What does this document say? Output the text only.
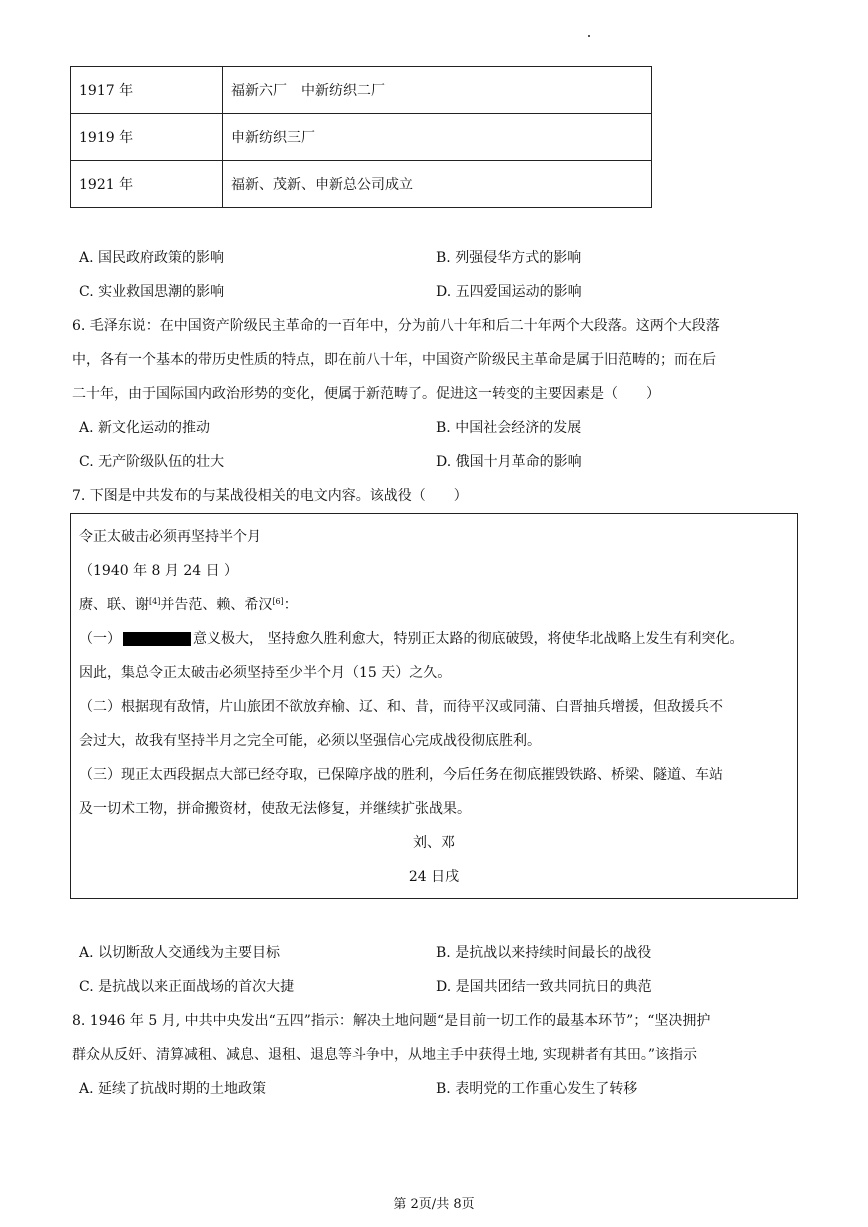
1917 年	福新六厂　中新纺织二厂
1919 年	申新纺织三厂
1921 年	福新、茂新、申新总公司成立
A. 国民政府政策的影响	B. 列强侵华方式的影响
C. 实业救国思潮的影响	D. 五四爱国运动的影响
6. 毛泽东说：在中国资产阶级民主革命的一百年中，分为前八十年和后二十年两个大段落。这两个大段落
中，各有一个基本的带历史性质的特点，即在前八十年，中国资产阶级民主革命是属于旧范畴的；而在后
二十年，由于国际国内政治形势的变化，便属于新范畴了。促进这一转变的主要因素是（　　）
A. 新文化运动的推动	B. 中国社会经济的发展
C. 无产阶级队伍的壮大	D. 俄国十月革命的影响
7. 下图是中共发布的与某战役相关的电文内容。该战役（　　）
令正太破击必须再坚持半个月
（1940 年 8 月 24 日 ）
赓、联、谢[4]并告范、赖、希汉[6]：
（一）	意义极大， 坚持愈久胜利愈大，特别正太路的彻底破毁，将使华北战略上发生有利突化。
因此，集总令正太破击必须坚持至少半个月（15 天）之久。
（二）根据现有敌情，片山旅团不欲放弃榆、辽、和、昔，而待平汉或同蒲、白晋抽兵增援，但敌援兵不
会过大，故我有坚持半月之完全可能，必须以坚强信心完成战役彻底胜利。
（三）现正太西段据点大部已经夺取，已保障序战的胜利，今后任务在彻底摧毁铁路、桥梁、隧道、车站
及一切术工物，拼命搬资材，使敌无法修复，并继续扩张战果。
刘、邓
24 日戌
A. 以切断敌人交通线为主要目标	B. 是抗战以来持续时间最长的战役
C. 是抗战以来正面战场的首次大捷	D. 是国共团结一致共同抗日的典范
8. 1946 年 5 月, 中共中央发出“五四”指示：解决土地问题“是目前一切工作的最基本环节”；“坚决拥护
群众从反奸、清算减租、减息、退租、退息等斗争中，从地主手中获得土地, 实现耕者有其田。”该指示
A. 延续了抗战时期的土地政策	B. 表明党的工作重心发生了转移
第 2页/共 8页
